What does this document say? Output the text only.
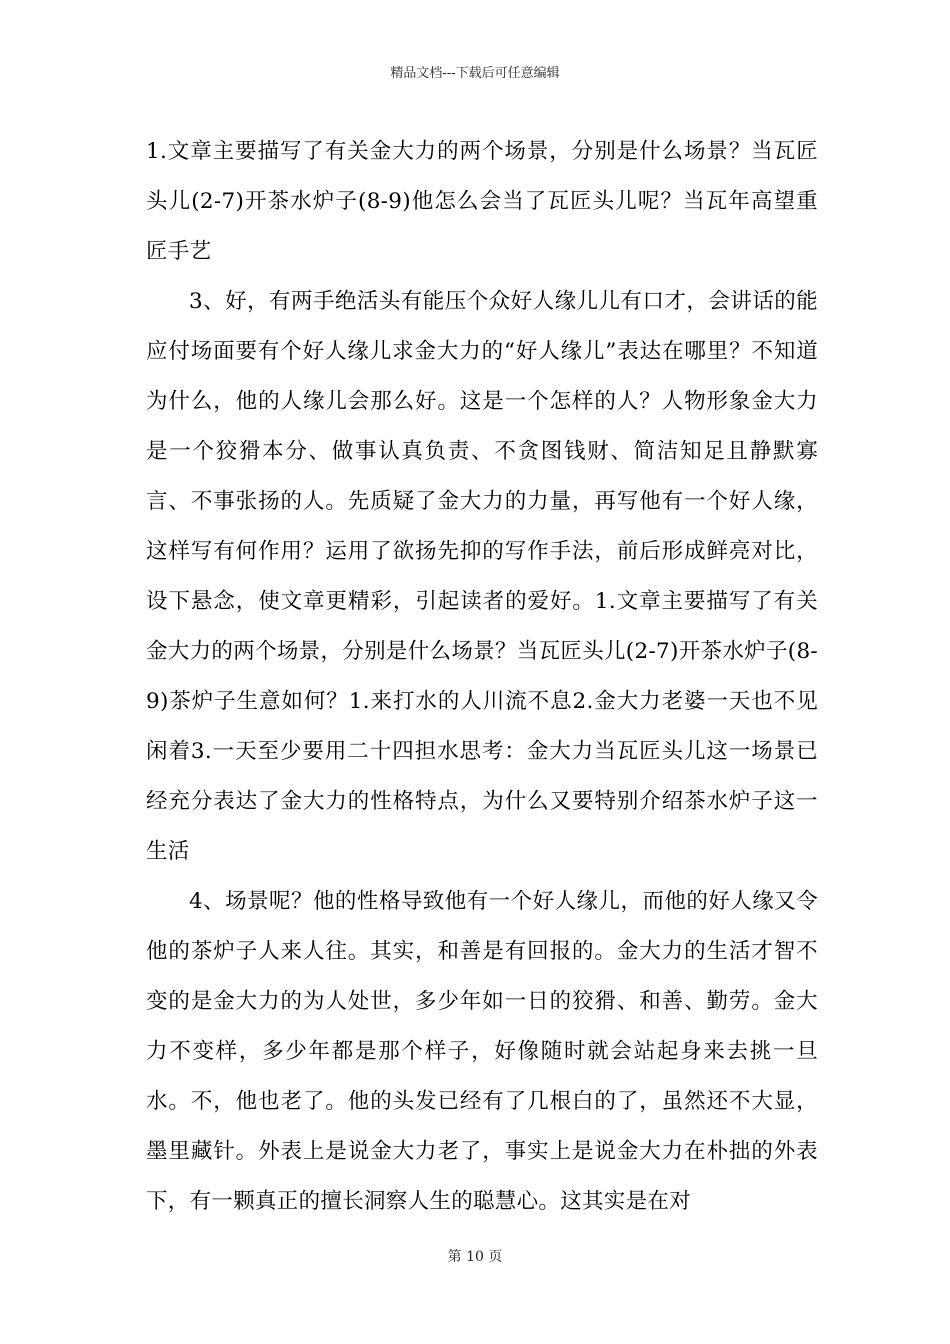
精品文档---下载后可任意编辑

1.文章主要描写了有关金大力的两个场景，分别是什么场景？当瓦匠头儿(2-7)开茶水炉子(8-9)他怎么会当了瓦匠头儿呢？当瓦年高望重匠手艺

3、好，有两手绝活头有能压个众好人缘儿儿有口才，会讲话的能应付场面要有个好人缘儿求金大力的“好人缘儿”表达在哪里？不知道为什么，他的人缘儿会那么好。这是一个怎样的人？人物形象金大力是一个狡猾本分、做事认真负责、不贪图钱财、简洁知足且静默寡言、不事张扬的人。先质疑了金大力的力量，再写他有一个好人缘，这样写有何作用？运用了欲扬先抑的写作手法，前后形成鲜亮对比，设下悬念，使文章更精彩，引起读者的爱好。1.文章主要描写了有关金大力的两个场景，分别是什么场景？当瓦匠头儿(2-7)开茶水炉子(8-9)茶炉子生意如何？1.来打水的人川流不息2.金大力老婆一天也不见闲着3.一天至少要用二十四担水思考：金大力当瓦匠头儿这一场景已经充分表达了金大力的性格特点，为什么又要特别介绍茶水炉子这一生活

4、场景呢？他的性格导致他有一个好人缘儿，而他的好人缘又令他的茶炉子人来人往。其实，和善是有回报的。金大力的生活才智不变的是金大力的为人处世，多少年如一日的狡猾、和善、勤劳。金大力不变样，多少年都是那个样子，好像随时就会站起身来去挑一旦水。不，他也老了。他的头发已经有了几根白的了，虽然还不大显，墨里藏针。外表上是说金大力老了，事实上是说金大力在朴拙的外表下，有一颗真正的擅长洞察人生的聪慧心。这其实是在对

第 10 页
